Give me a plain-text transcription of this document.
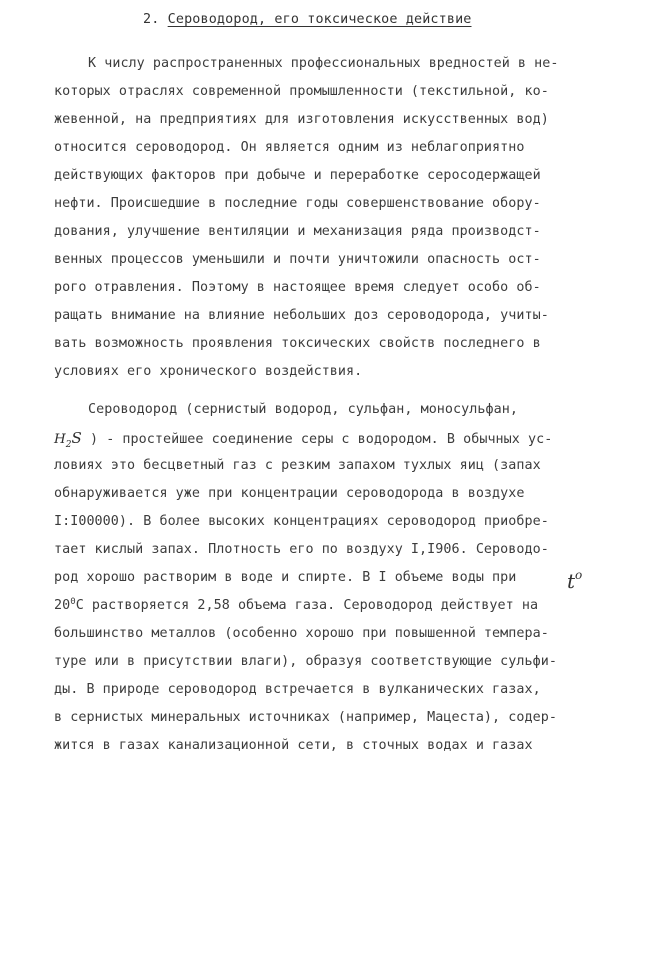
2. Сероводород, его токсическое действие
К числу распространенных профессиональных вредностей в не-
которых отраслях современной промышленности (текстильной, ко-
жевенной, на предприятиях для изготовления искусственных вод)
относится сероводород. Он является одним из неблагоприятно
действующих факторов при добыче и переработке серосодержащей
нефти. Происшедшие в последние годы совершенствование обору-
дования, улучшение вентиляции и механизация ряда производст-
венных процессов уменьшили и почти уничтожили опасность ост-
рого отравления. Поэтому в настоящее время следует особо об-
ращать внимание на влияние небольших доз сероводорода, учиты-
вать возможность проявления токсических свойств последнего в
условиях его хронического воздействия.
Сероводород (сернистый водород, сульфан, моносульфан,
$H_2S$ ) - простейшее соединение серы с водородом. В обычных ус-
ловиях это бесцветный газ с резким запахом тухлых яиц (запах
обнаруживается уже при концентрации сероводорода в воздухе
I:I00000). В более высоких концентрациях сероводород приобре-
тает кислый запах. Плотность его по воздуху I,I906. Сероводо-
род хорошо растворим в воде и спирте. В I объеме воды при	$t^o$
$20^0С$ растворяется 2,58 объема газа. Сероводород действует на
большинство металлов (особенно хорошо при повышенной темпера-
туре или в присутствии влаги), образуя соответствующие сульфи-
ды. В природе сероводород встречается в вулканических газах,
в сернистых минеральных источниках (например, Мацеста), содер-
жится в газах канализационной сети, в сточных водах и газах
